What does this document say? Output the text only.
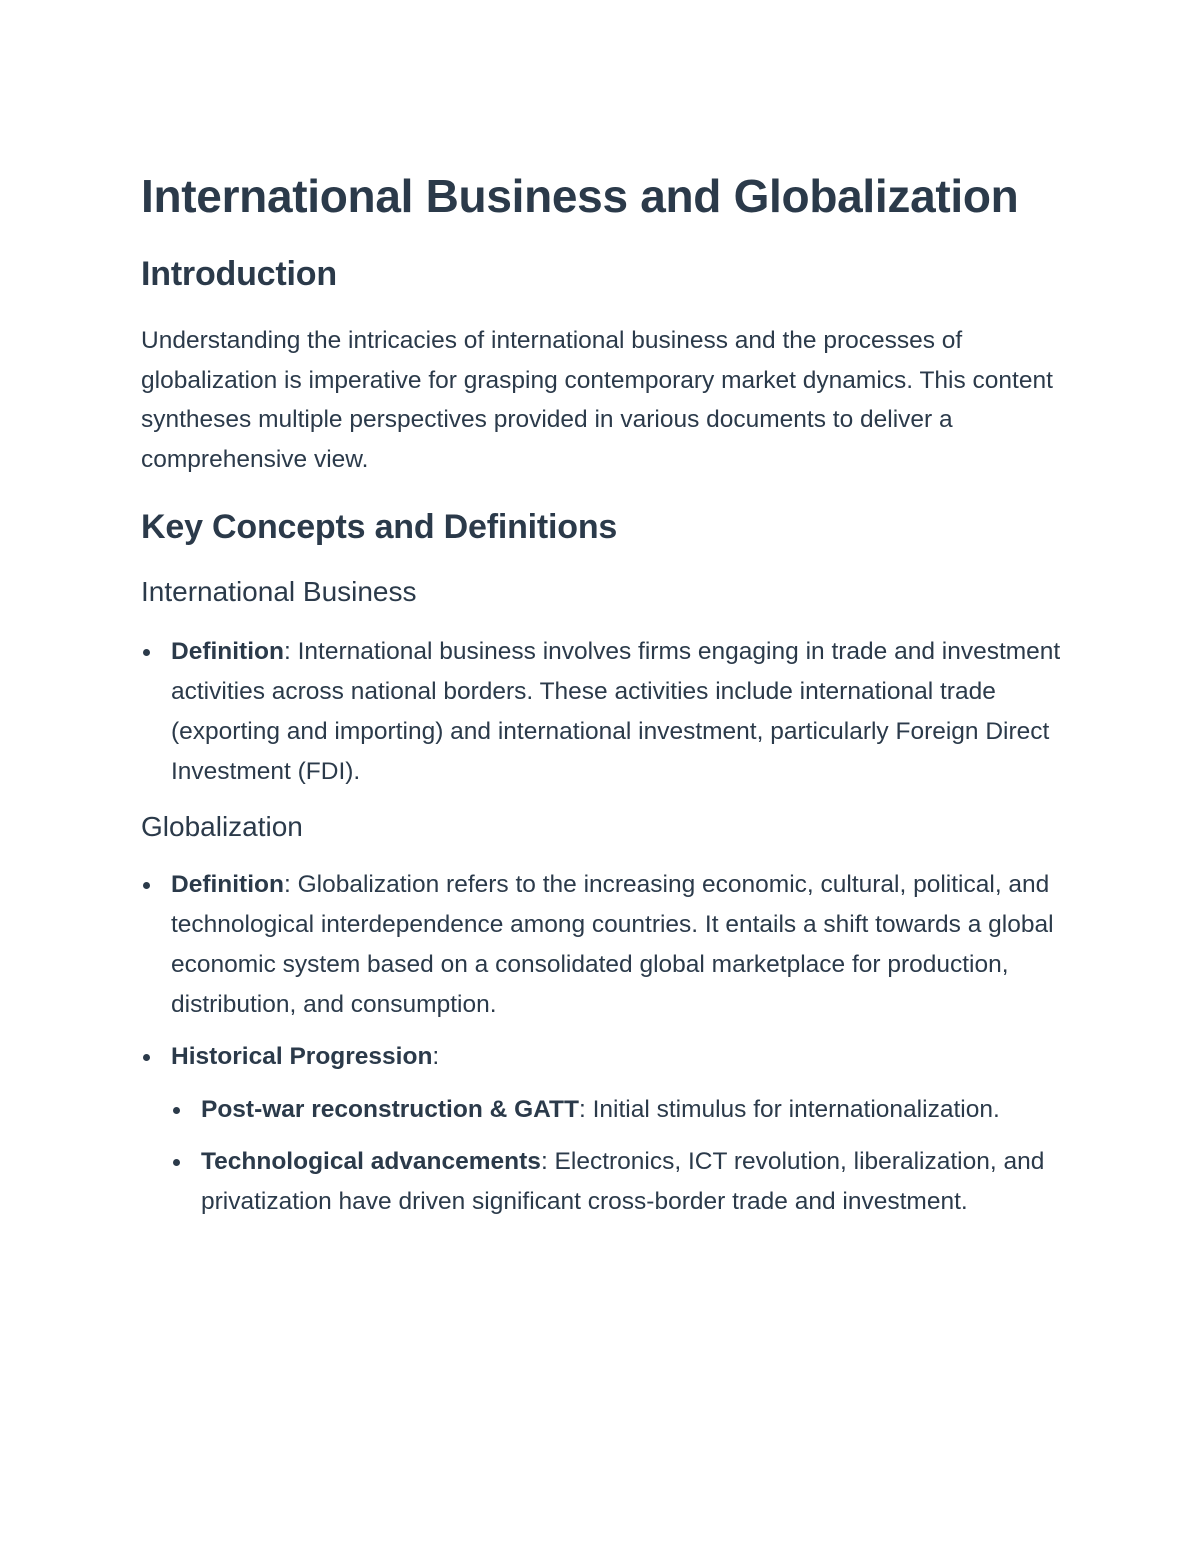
International Business and Globalization
Introduction

Understanding the intricacies of international business and the processes of globalization is imperative for grasping contemporary market dynamics. This content syntheses multiple perspectives provided in various documents to deliver a comprehensive view.

Key Concepts and Definitions
International Business
Definition: International business involves firms engaging in trade and investment activities across national borders. These activities include international trade (exporting and importing) and international investment, particularly Foreign Direct Investment (FDI).
Globalization
Definition: Globalization refers to the increasing economic, cultural, political, and technological interdependence among countries. It entails a shift towards a global economic system based on a consolidated global marketplace for production, distribution, and consumption.
Historical Progression:
Post-war reconstruction & GATT: Initial stimulus for internationalization.
Technological advancements: Electronics, ICT revolution, liberalization, and privatization have driven significant cross-border trade and investment.
